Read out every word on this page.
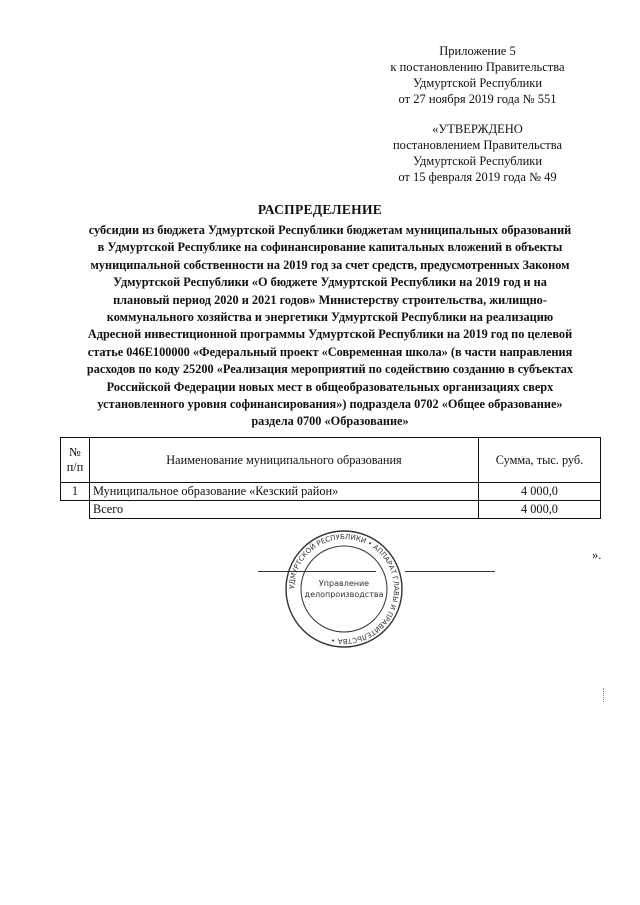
Приложение 5
к постановлению Правительства
Удмуртской Республики
от 27 ноября 2019 года № 551
«УТВЕРЖДЕНО
постановлением Правительства
Удмуртской Республики
от 15 февраля 2019 года № 49
РАСПРЕДЕЛЕНИЕ
субсидии из бюджета Удмуртской Республики бюджетам муниципальных образований
в Удмуртской Республике на софинансирование капитальных вложений в объекты
муниципальной собственности на 2019 год за счет средств, предусмотренных Законом
Удмуртской Республики «О бюджете Удмуртской Республики на 2019 год и на
плановый период 2020 и 2021 годов» Министерству строительства, жилищно-
коммунального хозяйства и энергетики Удмуртской Республики на реализацию
Адресной инвестиционной программы Удмуртской Республики на 2019 год по целевой
статье 046E100000 «Федеральный проект «Современная школа» (в части направления
расходов по коду 25200 «Реализация мероприятий по содействию созданию в субъектах
Российской Федерации новых мест в общеобразовательных организациях сверх
установленного уровня софинансирования») подраздела 0702 «Общее образование»
раздела 0700 «Образование»
№ п/п	Наименование муниципального образования	Сумма, тыс. руб.
1	Муниципальное образование «Кезский район»	4 000,0
	Всего	4 000,0
».
УДМУРТСКОЙ РЕСПУБЛИКИ • АППАРАТ ГЛАВЫ И ПРАВИТЕЛЬСТВА •
Управление
делопроизводства
